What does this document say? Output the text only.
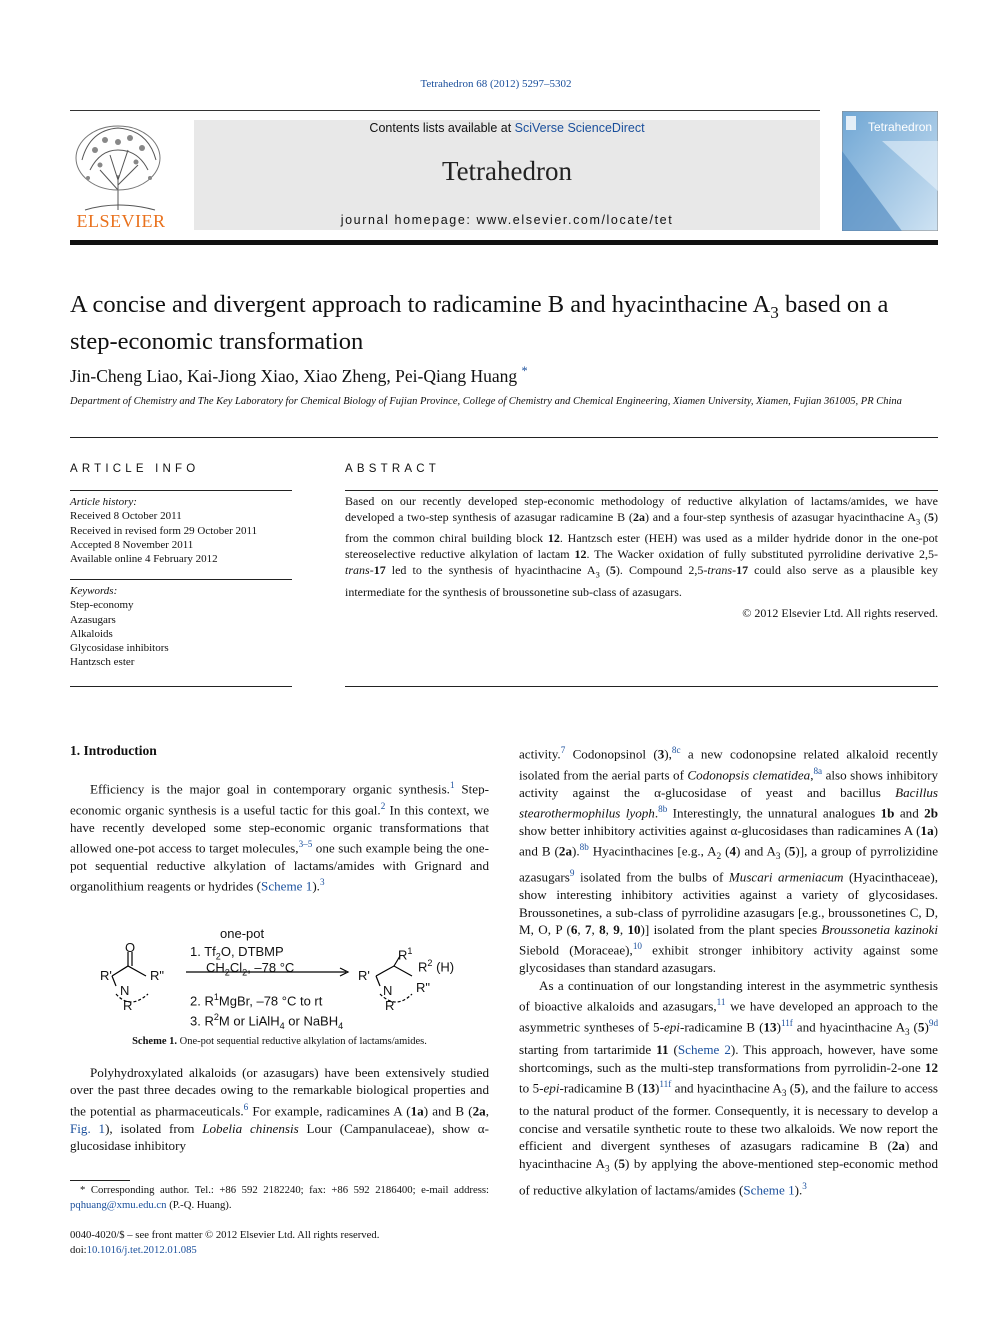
Tetrahedron 68 (2012) 5297–5302
ELSEVIER
Contents lists available at SciVerse ScienceDirect
Tetrahedron
journal homepage: www.elsevier.com/locate/tet
Tetrahedron
A concise and divergent approach to radicamine B and hyacinthacine $A_3$ based on a step-economic transformation
Jin-Cheng Liao, Kai-Jiong Xiao, Xiao Zheng, Pei-Qiang Huang *
Department of Chemistry and The Key Laboratory for Chemical Biology of Fujian Province, College of Chemistry and Chemical Engineering, Xiamen University, Xiamen, Fujian 361005, PR China
ARTICLE INFO
Article history:
Received 8 October 2011
Received in revised form 29 October 2011
Accepted 8 November 2011
Available online 4 February 2012
Keywords:
Step-economy
Azasugars
Alkaloids
Glycosidase inhibitors
Hantzsch ester
ABSTRACT
Based on our recently developed step-economic methodology of reductive alkylation of lactams/amides, we have developed a two-step synthesis of azasugar radicamine B (2a) and a four-step synthesis of azasugar hyacinthacine $A_3$ (5) from the common chiral building block 12. Hantzsch ester (HEH) was used as a milder hydride donor in the one-pot stereoselective reductive alkylation of lactam 12. The Wacker oxidation of fully substituted pyrrolidine derivative 2,5-trans-17 led to the synthesis of hyacinthacine $A_3$ (5). Compound 2,5-trans-17 could also serve as a plausible key intermediate for the synthesis of broussonetine sub-class of azasugars.
© 2012 Elsevier Ltd. All rights reserved.
1. Introduction

Efficiency is the major goal in contemporary organic synthesis.$^1$ Step-economic organic synthesis is a useful tactic for this goal.$^2$ In this context, we have recently developed some step-economic organic transformations that allowed one-pot access to target molecules,$^{3-5}$ one such example being the one-pot sequential reductive alkylation of lactams/amides with Grignard and organolithium reagents or hydrides (Scheme 1).$^3$

O
R'	R"
N
R
one-pot
1. $Tf_2O$, DTBMP
$CH_2Cl_2$, –78 °C
2. $R^1MgBr$, –78 °C to rt
3. $R^2M$ or LiAlH$_4$ or NaBH$_4$
$R^1$
$R^2$ (H)
R'
R"
N
R
Scheme 1. One-pot sequential reductive alkylation of lactams/amides.

Polyhydroxylated alkaloids (or azasugars) have been extensively studied over the past three decades owing to the remarkable biological properties and the potential as pharmaceuticals.$^6$ For example, radicamines A (1a) and B (2a, Fig. 1), isolated from Lobelia chinensis Lour (Campanulaceae), show α-glucosidase inhibitory

* Corresponding author. Tel.: +86 592 2182240; fax: +86 592 2186400; e-mail address: pqhuang@xmu.edu.cn (P.-Q. Huang).
0040-4020/$ – see front matter © 2012 Elsevier Ltd. All rights reserved.
doi:10.1016/j.tet.2012.01.085

activity.$^7$ Codonopsinol (3),$^{8c}$ a new codonopsine related alkaloid recently isolated from the aerial parts of Codonopsis clematidea,$^{8a}$ also shows inhibitory activity against the α-glucosidase of yeast and bacillus Bacillus stearothermophilus lyoph.$^{8b}$ Interestingly, the unnatural analogues 1b and 2b show better inhibitory activities against α-glucosidases than radicamines A (1a) and B (2a).$^{8b}$ Hyacinthacines [e.g., $A_2$ (4) and $A_3$ (5)], a group of pyrrolizidine azasugars$^9$ isolated from the bulbs of Muscari armeniacum (Hyacinthaceae), show interesting inhibitory activities against a variety of glycosidases. Broussonetines, a sub-class of pyrrolidine azasugars [e.g., broussonetines C, D, M, O, P (6, 7, 8, 9, 10)] isolated from the plant species Broussonetia kazinoki Siebold (Moraceae),$^{10}$ exhibit stronger inhibitory activity against some glycosidases than standard azasugars.

As a continuation of our longstanding interest in the asymmetric synthesis of bioactive alkaloids and azasugars,$^{11}$ we have developed an approach to the asymmetric syntheses of 5-epi-radicamine B $(13)^{11f}$ and hyacinthacine $A_3$ $(5)^{9d}$ starting from tartarimide 11 (Scheme 2). This approach, however, have some shortcomings, such as the multi-step transformations from pyrrolidin-2-one 12 to 5-epi-radicamine B $(13)^{11f}$ and hyacinthacine $A_3$ (5), and the failure to access to the natural product of the former. Consequently, it is necessary to develop a concise and versatile synthetic route to these two alkaloids. We now report the efficient and divergent syntheses of azasugars radicamine B (2a) and hyacinthacine $A_3$ (5) by applying the above-mentioned step-economic method of reductive alkylation of lactams/amides (Scheme 1).$^3$
